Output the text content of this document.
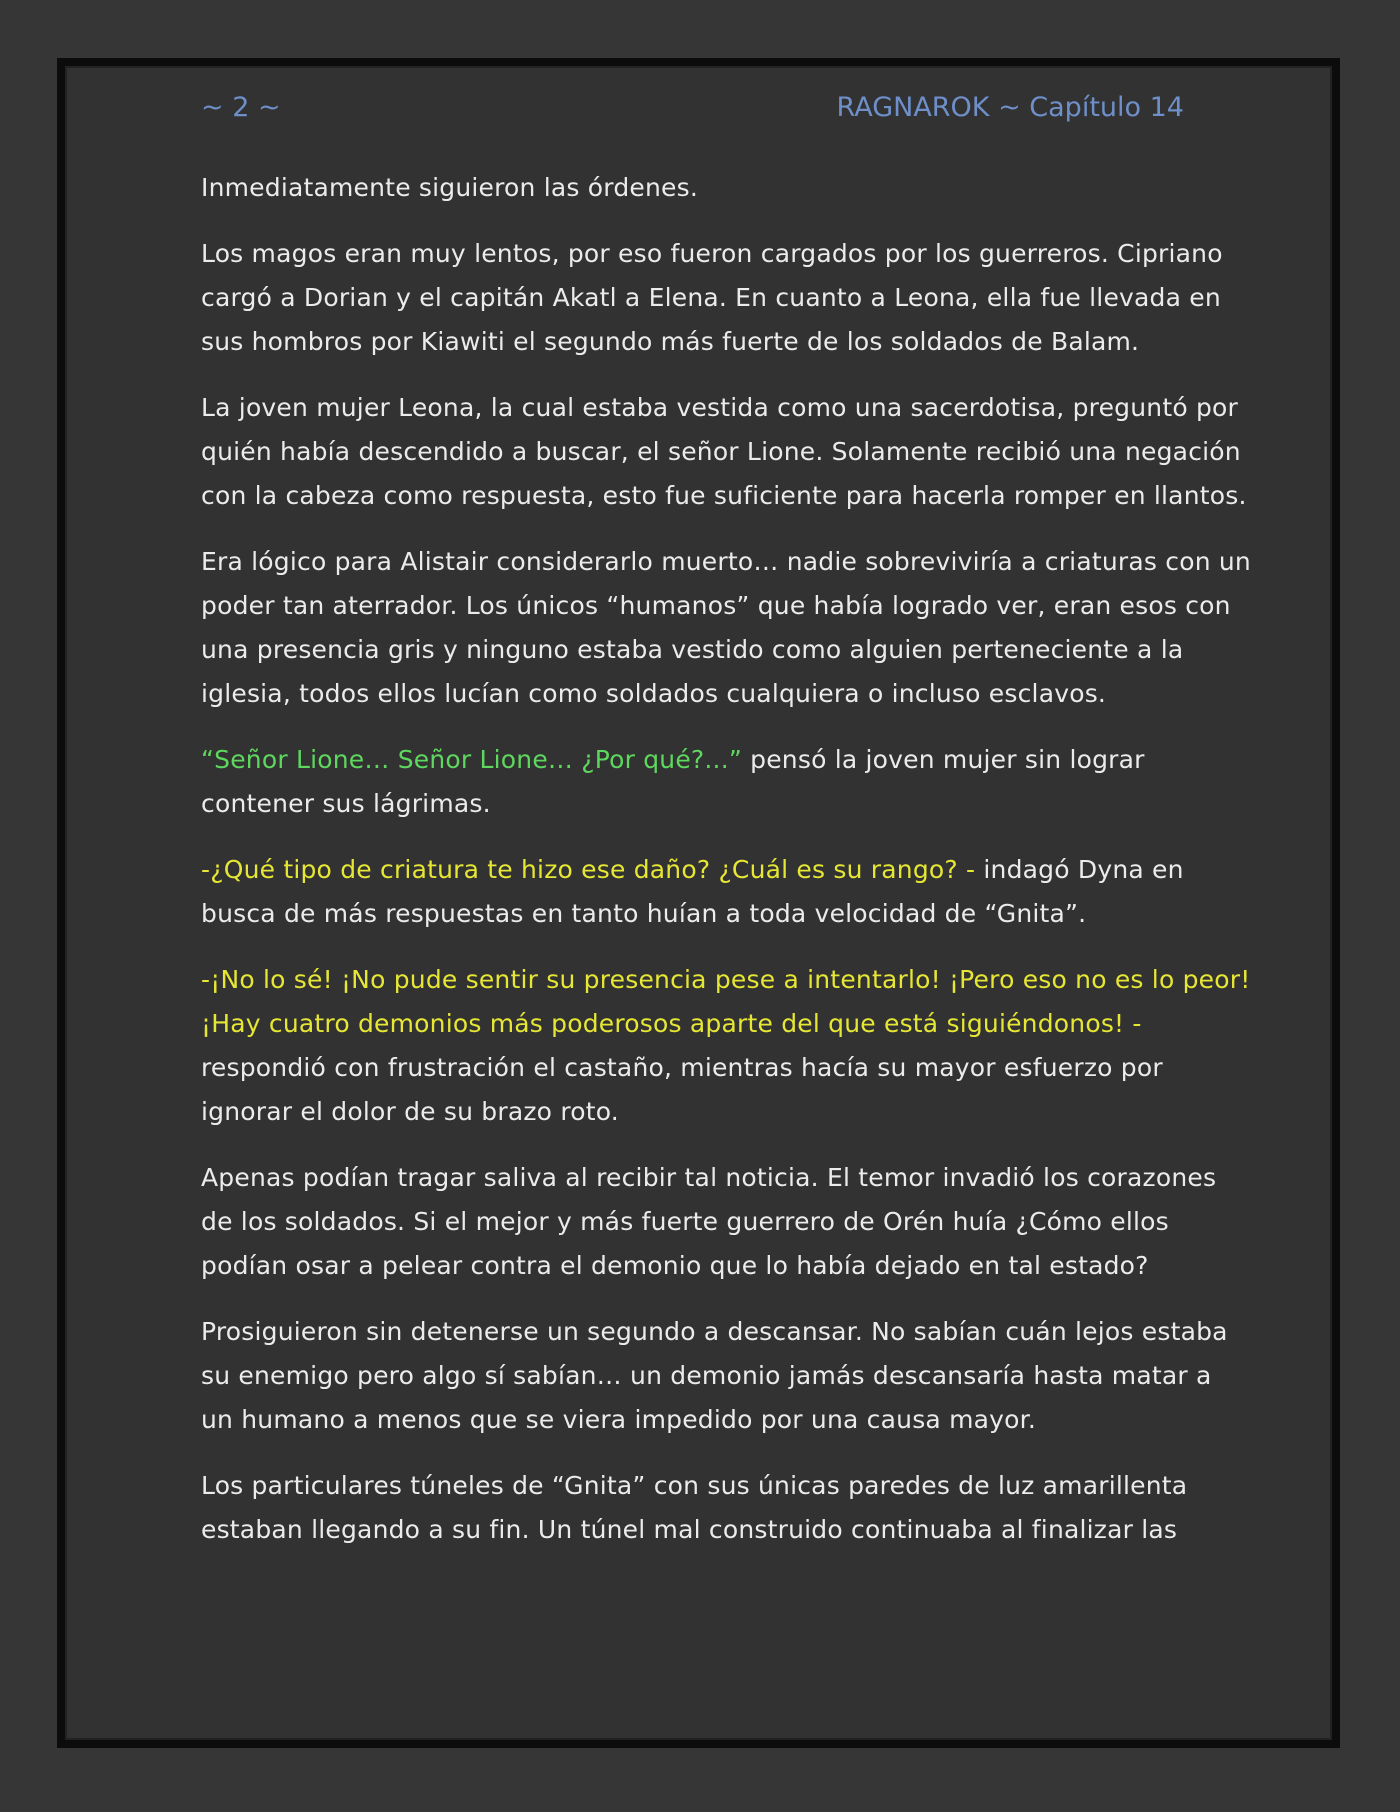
~ 2 ~	RAGNAROK ~ Capítulo 14

Inmediatamente siguieron las órdenes.

Los magos eran muy lentos, por eso fueron cargados por los guerreros. Cipriano cargó a Dorian y el capitán Akatl a Elena. En cuanto a Leona, ella fue llevada en sus hombros por Kiawiti el segundo más fuerte de los soldados de Balam.

La joven mujer Leona, la cual estaba vestida como una sacerdotisa, preguntó por quién había descendido a buscar, el señor Lione. Solamente recibió una negación con la cabeza como respuesta, esto fue suficiente para hacerla romper en llantos.

Era lógico para Alistair considerarlo muerto… nadie sobreviviría a criaturas con un poder tan aterrador. Los únicos “humanos” que había logrado ver, eran esos con una presencia gris y ninguno estaba vestido como alguien perteneciente a la iglesia, todos ellos lucían como soldados cualquiera o incluso esclavos.

“Señor Lione… Señor Lione… ¿Por qué?...” pensó la joven mujer sin lograr contener sus lágrimas.

-¿Qué tipo de criatura te hizo ese daño? ¿Cuál es su rango? - indagó Dyna en busca de más respuestas en tanto huían a toda velocidad de “Gnita”.

-¡No lo sé! ¡No pude sentir su presencia pese a intentarlo! ¡Pero eso no es lo peor! ¡Hay cuatro demonios más poderosos aparte del que está siguiéndonos! - respondió con frustración el castaño, mientras hacía su mayor esfuerzo por ignorar el dolor de su brazo roto.

Apenas podían tragar saliva al recibir tal noticia. El temor invadió los corazones de los soldados. Si el mejor y más fuerte guerrero de Orén huía ¿Cómo ellos podían osar a pelear contra el demonio que lo había dejado en tal estado?

Prosiguieron sin detenerse un segundo a descansar. No sabían cuán lejos estaba su enemigo pero algo sí sabían… un demonio jamás descansaría hasta matar a un humano a menos que se viera impedido por una causa mayor.

Los particulares túneles de “Gnita” con sus únicas paredes de luz amarillenta estaban llegando a su fin. Un túnel mal construido continuaba al finalizar las
